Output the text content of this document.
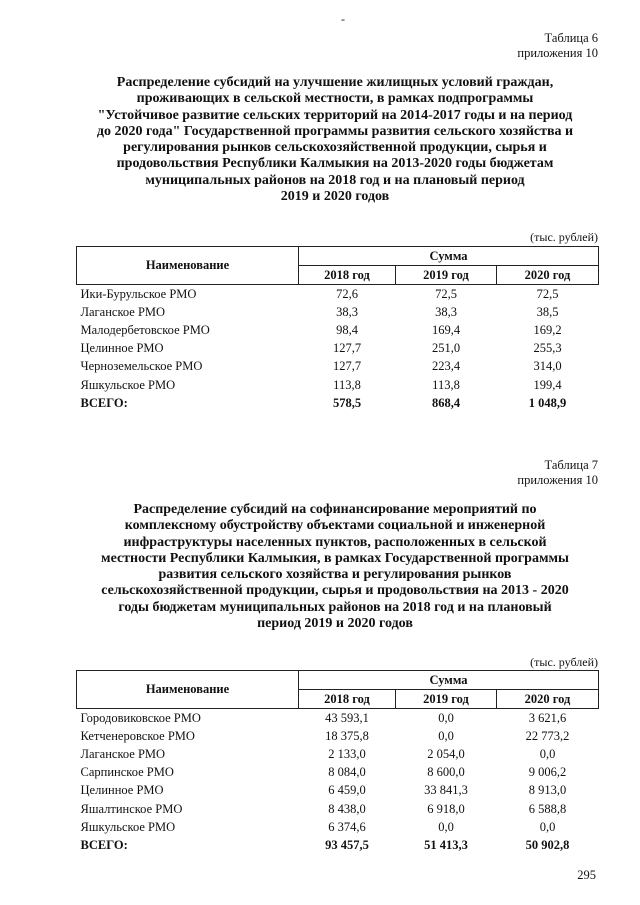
-
Таблица 6
приложения 10
Распределение субсидий на улучшение жилищных условий граждан,
проживающих в сельской местности, в рамках подпрограммы
"Устойчивое развитие сельских территорий на 2014-2017 годы и на период
до 2020 года" Государственной программы развития сельского хозяйства и
регулирования рынков сельскохозяйственной продукции, сырья и
продовольствия Республики Калмыкия на 2013-2020 годы бюджетам
муниципальных районов на 2018 год и на плановый период
2019 и 2020 годов
(тыс. рублей)
Наименование	Сумма		
	2018 год	2019 год	2020 год
Ики-Бурульское РМО	72,6	72,5	72,5
Лаганское РМО	38,3	38,3	38,5
Малодербетовское РМО	98,4	169,4	169,2
Целинное РМО	127,7	251,0	255,3
Черноземельское РМО	127,7	223,4	314,0
Яшкульское РМО	113,8	113,8	199,4
ВСЕГО:	578,5	868,4	1 048,9
Таблица 7
приложения 10
Распределение субсидий на софинансирование мероприятий по
комплексному обустройству объектами социальной и инженерной
инфраструктуры населенных пунктов, расположенных в сельской
местности Республики Калмыкия, в рамках Государственной программы
развития сельского хозяйства и регулирования рынков
сельскохозяйственной продукции, сырья и продовольствия на 2013 - 2020
годы бюджетам муниципальных районов на 2018 год и на плановый
период 2019 и 2020 годов
(тыс. рублей)
Наименование	Сумма		
	2018 год	2019 год	2020 год
Городовиковское РМО	43 593,1	0,0	3 621,6
Кетченеровское РМО	18 375,8	0,0	22 773,2
Лаганское РМО	2 133,0	2 054,0	0,0
Сарпинское РМО	8 084,0	8 600,0	9 006,2
Целинное РМО	6 459,0	33 841,3	8 913,0
Яшалтинское РМО	8 438,0	6 918,0	6 588,8
Яшкульское РМО	6 374,6	0,0	0,0
ВСЕГО:	93 457,5	51 413,3	50 902,8
295
